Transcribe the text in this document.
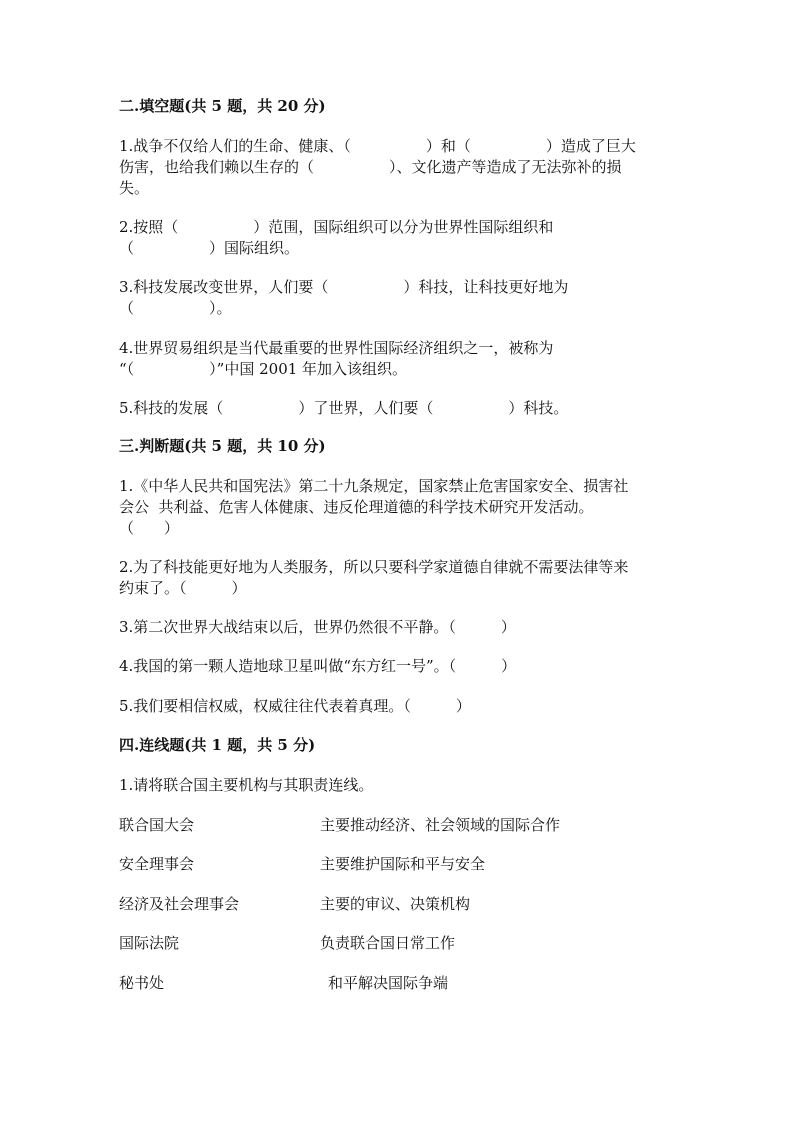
二.填空题(共 5 题，共 20 分)
1.战争不仅给人们的生命、健康、（　　　　　）和（　　　　　）造成了巨大
伤害，也给我们赖以生存的（　　　　　）、文化遗产等造成了无法弥补的损
失。
2.按照（　　　　　）范围，国际组织可以分为世界性国际组织和
（　　　　　）国际组织。
3.科技发展改变世界，人们要（　　　　　）科技，让科技更好地为
（　　　　　）。
4.世界贸易组织是当代最重要的世界性国际经济组织之一，被称为
“（　　　　　）”中国 2001 年加入该组织。
5.科技的发展（　　　　　）了世界，人们要（　　　　　）科技。
三.判断题(共 5 题，共 10 分)
1.《中华人民共和国宪法》第二十九条规定，国家禁止危害国家安全、损害社
会公  共利益、危害人体健康、违反伦理道德的科学技术研究开发活动。
（　　）
2.为了科技能更好地为人类服务，所以只要科学家道德自律就不需要法律等来
约束了。（　　　）
3.第二次世界大战结束以后，世界仍然很不平静。（　　　）
4.我国的第一颗人造地球卫星叫做“东方红一号”。（　　　）
5.我们要相信权威，权威往往代表着真理。（　　　）
四.连线题(共 1 题，共 5 分)
1.请将联合国主要机构与其职责连线。
联合国大会
安全理事会
经济及社会理事会
国际法院
秘书处
主要推动经济、社会领域的国际合作
主要维护国际和平与安全
主要的审议、决策机构
负责联合国日常工作
和平解决国际争端
